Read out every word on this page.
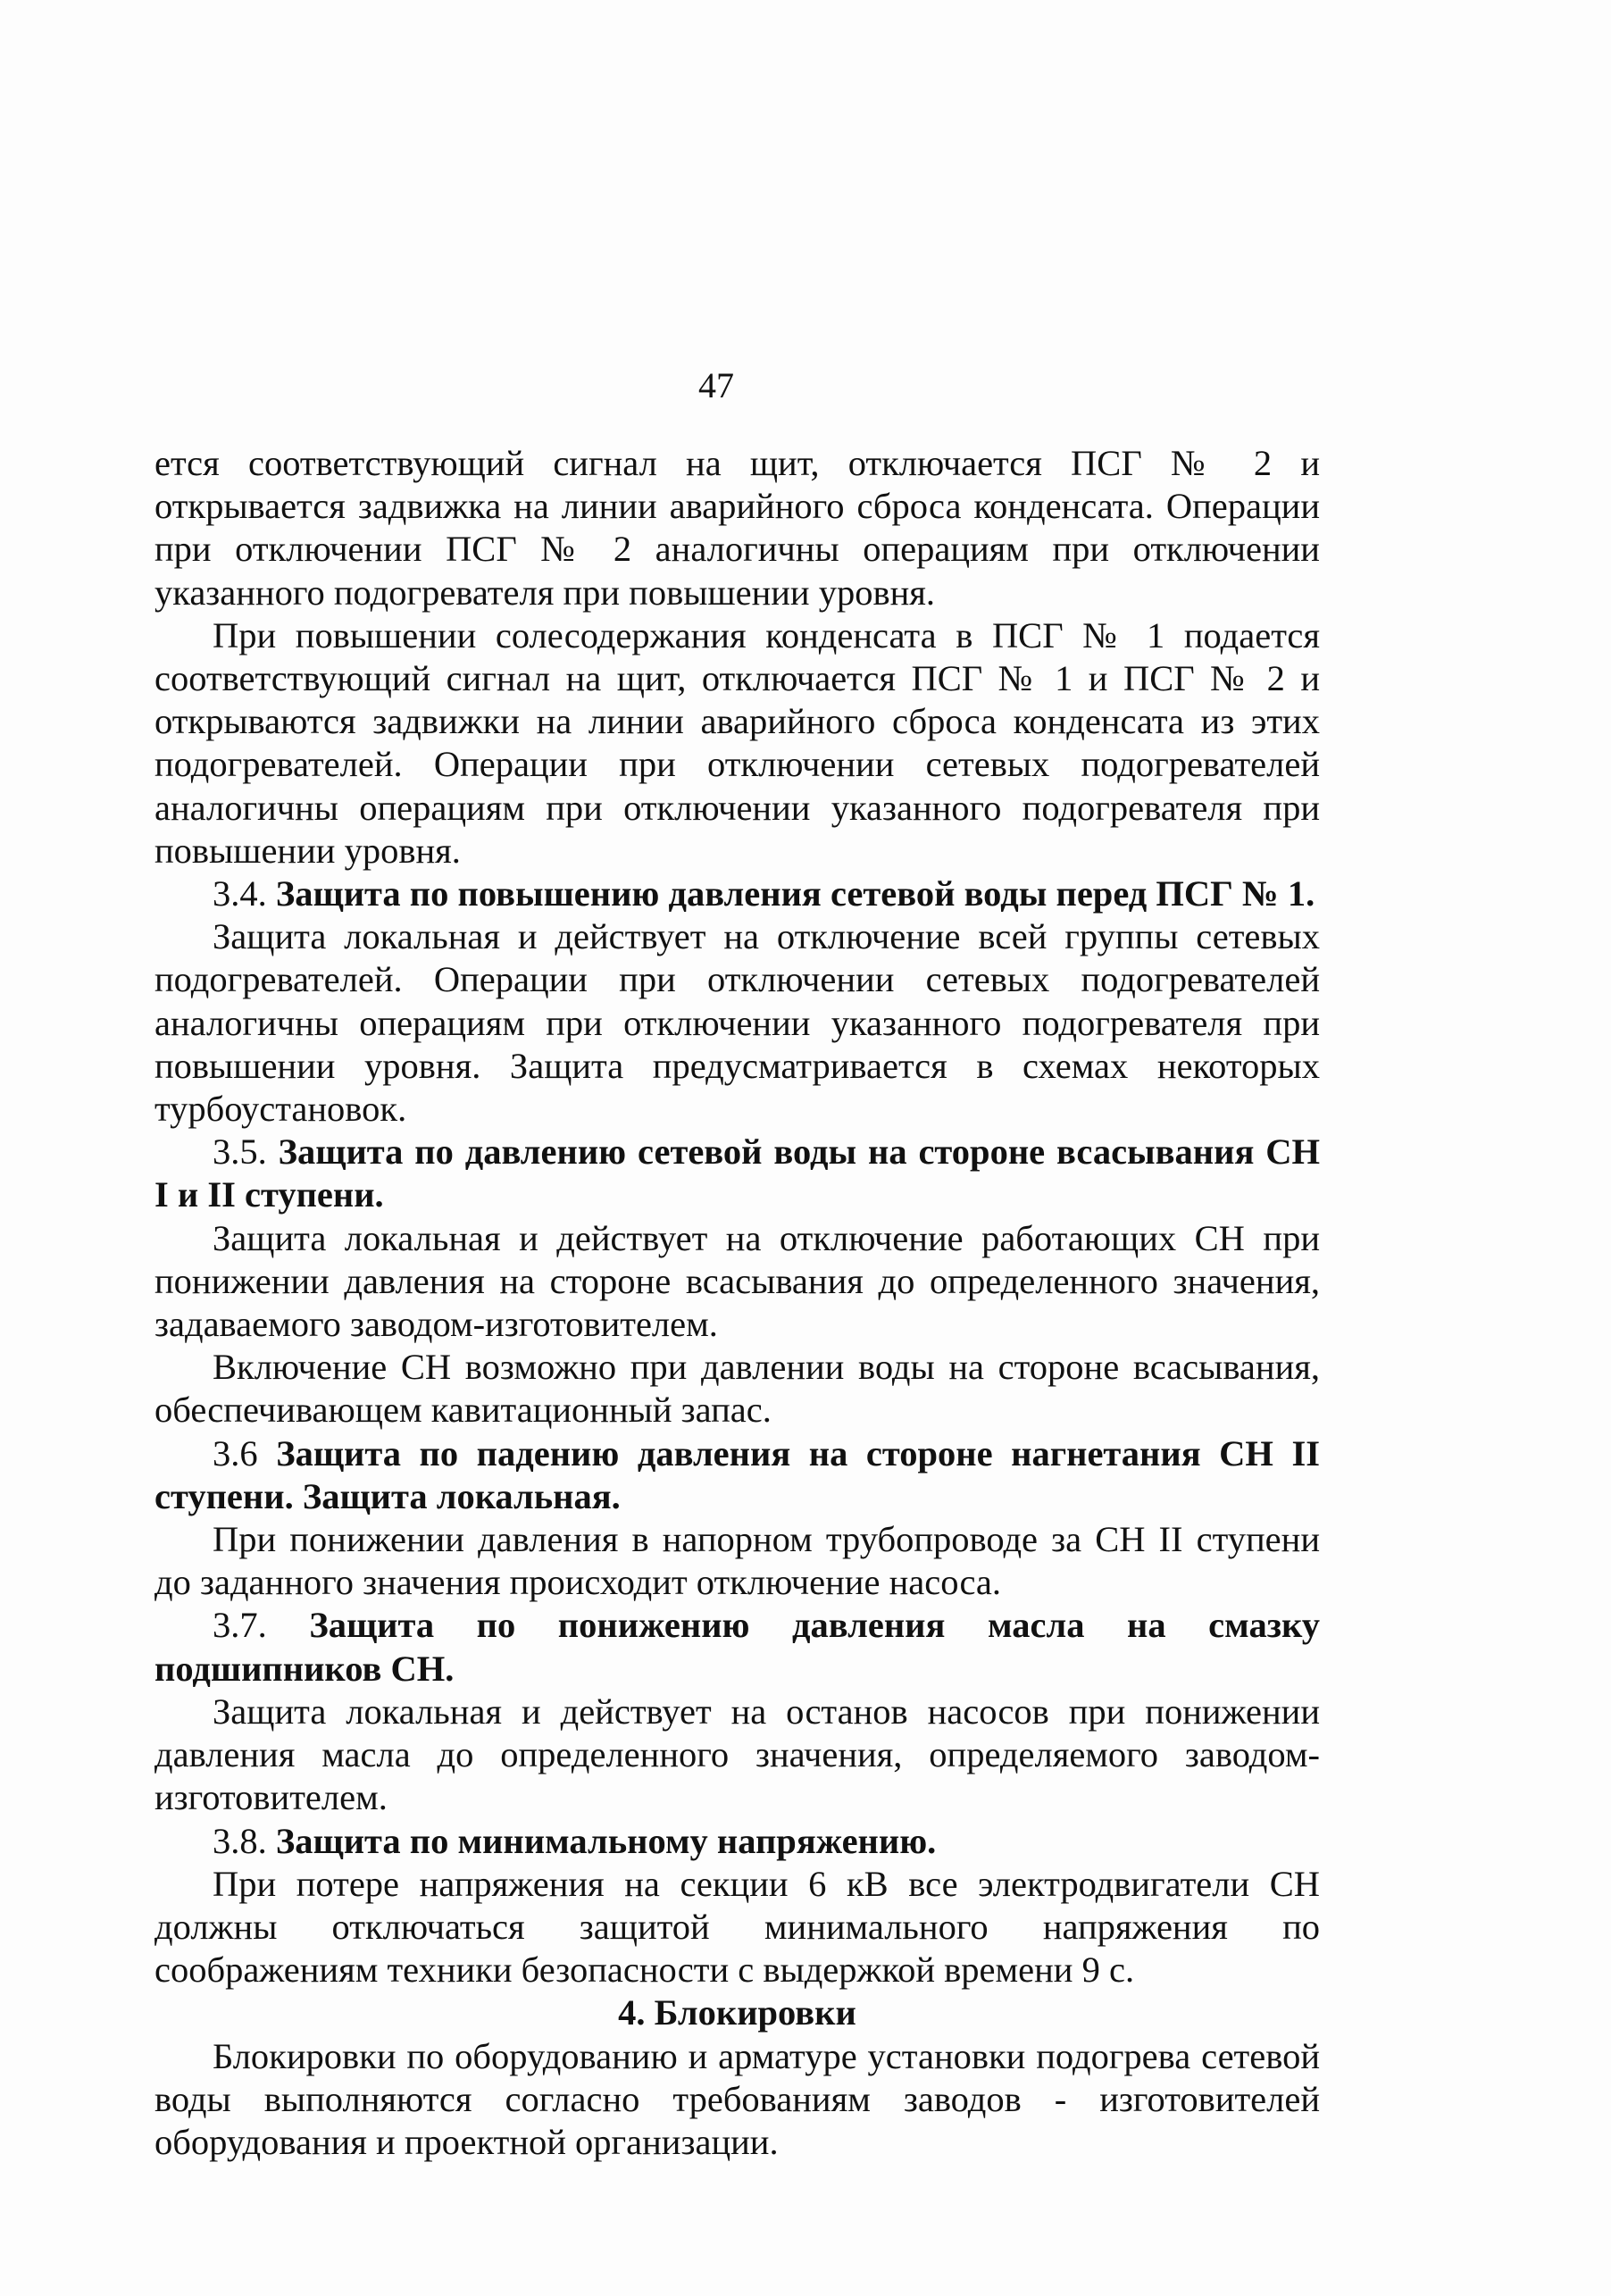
47

ется соответствующий сигнал на щит, отключается ПСГ № 2 и открывается задвижка на линии аварийного сброса конденсата. Операции при отключении ПСГ № 2 аналогичны операциям при отключении указанного подогревателя при повышении уровня.

При повышении солесодержания конденсата в ПСГ № 1 подается соответствующий сигнал на щит, отключается ПСГ № 1 и ПСГ № 2 и открываются задвижки на линии аварийного сброса конденсата из этих подогревателей. Операции при отключении сетевых подогревателей аналогичны операциям при отключении указанного подогревателя при повышении уровня.

3.4. Защита по повышению давления сетевой воды перед ПСГ № 1.

Защита локальная и действует на отключение всей группы сетевых подогревателей. Операции при отключении сетевых подогревателей аналогичны операциям при отключении указанного подогревателя при повышении уровня. Защита предусматривается в схемах некоторых турбоустановок.

3.5. Защита по давлению сетевой воды на стороне всасывания СН I и II ступени.

Защита локальная и действует на отключение работающих СН при понижении давления на стороне всасывания до определенного значения, задаваемого заводом-изготовителем.

Включение СН возможно при давлении воды на стороне всасывания, обеспечивающем кавитационный запас.

3.6 Защита по падению давления на стороне нагнетания СН II ступени. Защита локальная.

При понижении давления в напорном трубопроводе за СН II ступени до заданного значения происходит отключение насоса.

3.7. Защита по понижению давления масла на смазку подшипников СН.

Защита локальная и действует на останов насосов при понижении давления масла до определенного значения, определяемого заводом-изготовителем.

3.8. Защита по минимальному напряжению.

При потере напряжения на секции 6 кВ все электродвигатели СН должны отключаться защитой минимального напряжения по соображениям техники безопасности с выдержкой времени 9 с.

4. Блокировки

Блокировки по оборудованию и арматуре установки подогрева сетевой воды выполняются согласно требованиям заводов - изготовителей оборудования и проектной организации.
